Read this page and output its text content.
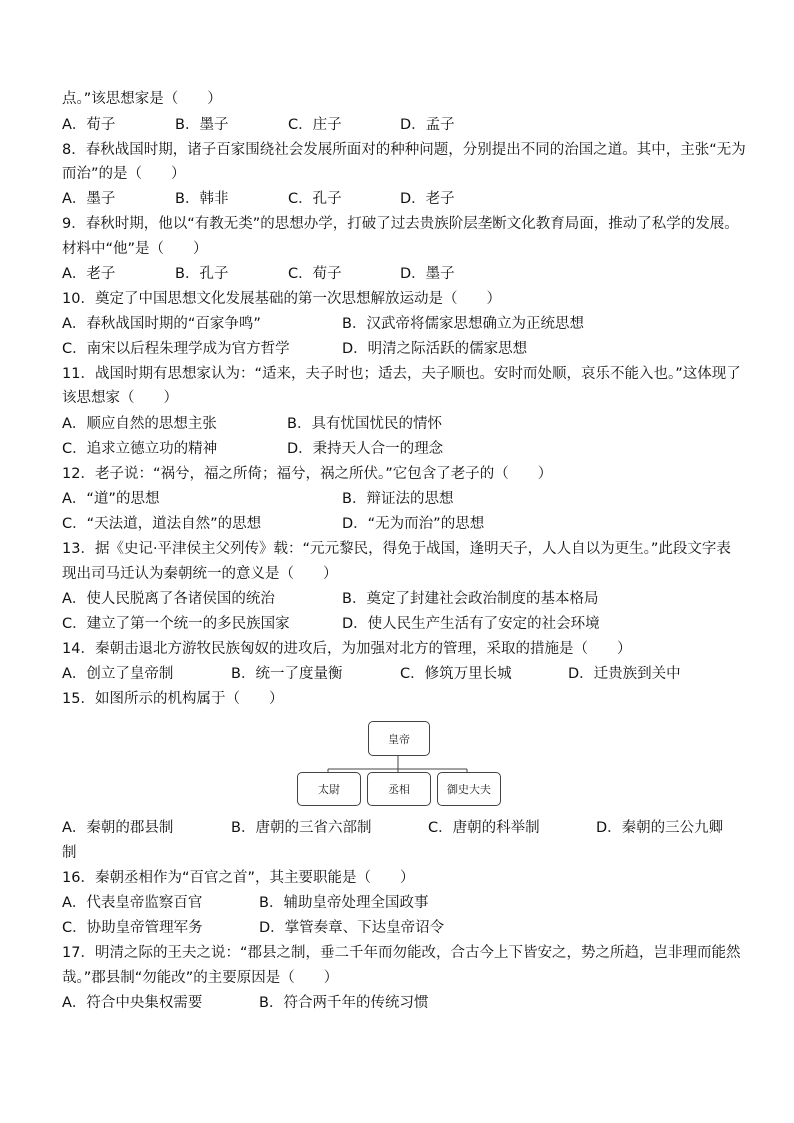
点。”该思想家是（　　）
A．荀子	B．墨子	C．庄子	D．孟子
8．春秋战国时期，诸子百家围绕社会发展所面对的种种问题，分别提出不同的治国之道。其中，主张“无为
而治”的是（　　）
A．墨子	B．韩非	C．孔子	D．老子
9．春秋时期，他以“有教无类”的思想办学，打破了过去贵族阶层垄断文化教育局面，推动了私学的发展。
材料中“他”是（　　）
A．老子	B．孔子	C．荀子	D．墨子
10．奠定了中国思想文化发展基础的第一次思想解放运动是（　　）
A．春秋战国时期的“百家争鸣”	B．汉武帝将儒家思想确立为正统思想
C．南宋以后程朱理学成为官方哲学	D．明清之际活跃的儒家思想
11．战国时期有思想家认为：“适来，夫子时也；适去，夫子顺也。安时而处顺，哀乐不能入也。”这体现了
该思想家（　　）
A．顺应自然的思想主张	B．具有忧国忧民的情怀
C．追求立德立功的精神	D．秉持天人合一的理念
12．老子说：“祸兮，福之所倚；福兮，祸之所伏。”它包含了老子的（　　）
A．“道”的思想	B．辩证法的思想
C．“天法道，道法自然”的思想	D．“无为而治”的思想
13．据《史记·平津侯主父列传》载：“元元黎民，得免于战国，逢明天子，人人自以为更生。”此段文字表
现出司马迁认为秦朝统一的意义是（　　）
A．使人民脱离了各诸侯国的统治	B．奠定了封建社会政治制度的基本格局
C．建立了第一个统一的多民族国家	D．使人民生产生活有了安定的社会环境
14．秦朝击退北方游牧民族匈奴的进攻后，为加强对北方的管理，采取的措施是（　　）
A．创立了皇帝制	B．统一了度量衡	C．修筑万里长城	D．迁贵族到关中
15．如图所示的机构属于（　　）
皇帝
太尉	丞相	御史大夫
A．秦朝的郡县制	B．唐朝的三省六部制	C．唐朝的科举制	D．秦朝的三公九卿
制
16．秦朝丞相作为“百官之首”，其主要职能是（　　）
A．代表皇帝监察百官	B．辅助皇帝处理全国政事
C．协助皇帝管理军务	D．掌管奏章、下达皇帝诏令
17．明清之际的王夫之说：“郡县之制，垂二千年而勿能改，合古今上下皆安之，势之所趋，岂非理而能然
哉。”郡县制“勿能改”的主要原因是（　　）
A．符合中央集权需要	B．符合两千年的传统习惯
